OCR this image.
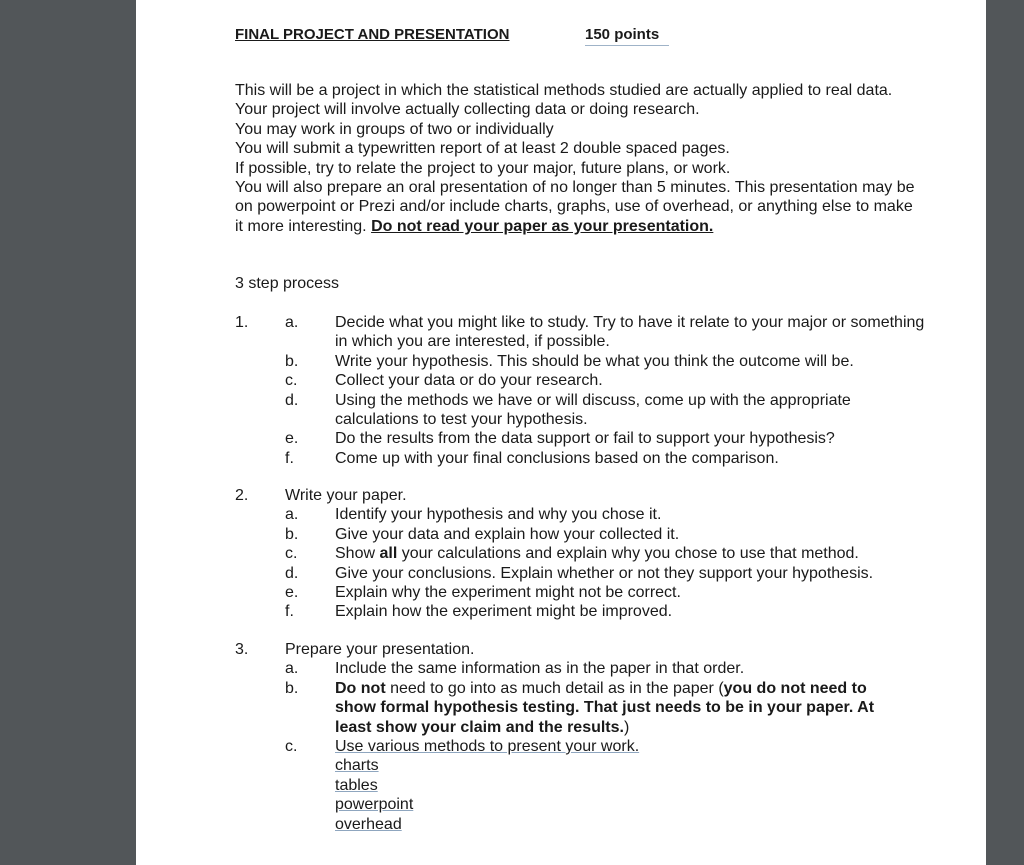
FINAL PROJECT AND PRESENTATION	150 points

This will be a project in which the statistical methods studied are actually applied to real data.

Your project will involve actually collecting data or doing research.

You may work in groups of two or individually

You will submit a typewritten report of at least 2 double spaced pages.

If possible, try to relate the project to your major, future plans, or work.

You will also prepare an oral presentation of no longer than 5 minutes. This presentation may be on powerpoint or Prezi and/or include charts, graphs, use of overhead, or anything else to make it more interesting. Do not read your paper as your presentation.

3 step process
1. a. Decide what you might like to study. Try to have it relate to your major or something in which you are interested, if possible.
b. Write your hypothesis. This should be what you think the outcome will be.
c. Collect your data or do your research.
d. Using the methods we have or will discuss, come up with the appropriate calculations to test your hypothesis.
e. Do the results from the data support or fail to support your hypothesis?
f.	Come up with your final conclusions based on the comparison.
2. Write your paper.
a. Identify your hypothesis and why you chose it.
b. Give your data and explain how your collected it.
c. Show all your calculations and explain why you chose to use that method.
d. Give your conclusions. Explain whether or not they support your hypothesis.
e. Explain why the experiment might not be correct.
f.	Explain how the experiment might be improved.
3. Prepare your presentation.
a. Include the same information as in the paper in that order.
b. Do not need to go into as much detail as in the paper (you do not need to show formal hypothesis testing. That just needs to be in your paper. At least show your claim and the results.)
c. Use various methods to present your work.
charts
tables
powerpoint
overhead
